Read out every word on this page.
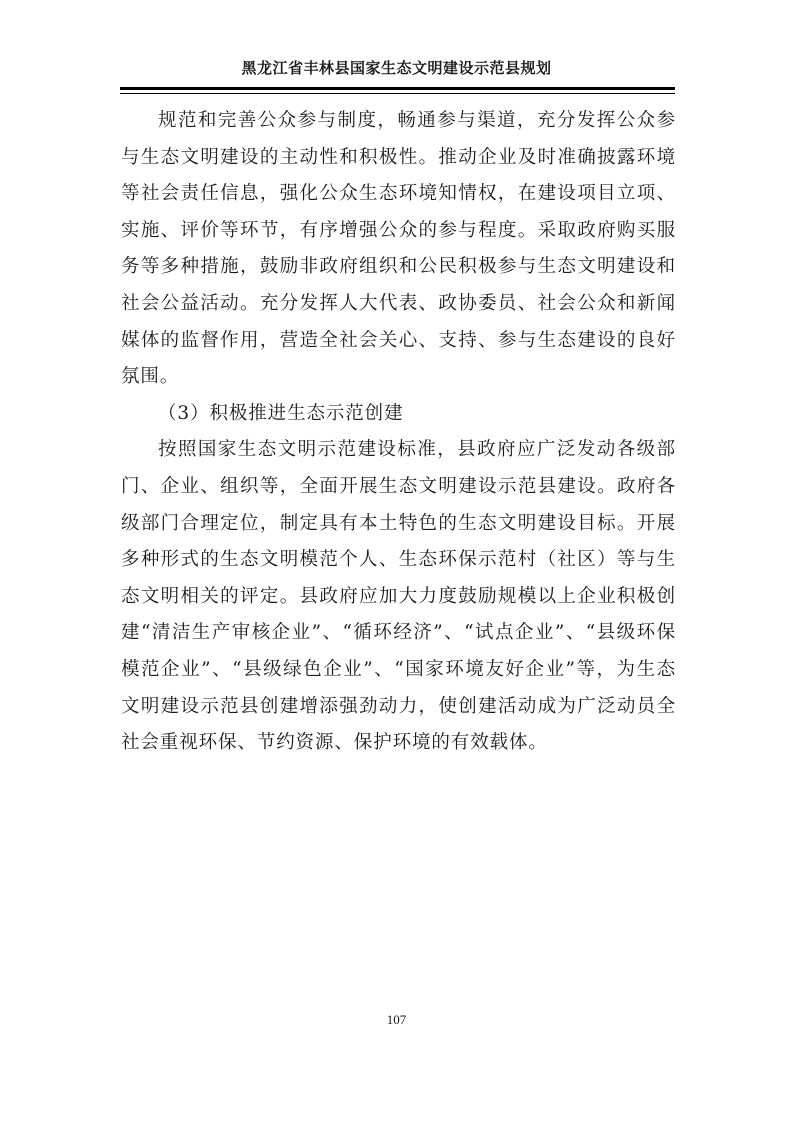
黑龙江省丰林县国家生态文明建设示范县规划

规范和完善公众参与制度，畅通参与渠道，充分发挥公众参与生态文明建设的主动性和积极性。推动企业及时准确披露环境等社会责任信息，强化公众生态环境知情权，在建设项目立项、实施、评价等环节，有序增强公众的参与程度。采取政府购买服务等多种措施，鼓励非政府组织和公民积极参与生态文明建设和社会公益活动。充分发挥人大代表、政协委员、社会公众和新闻媒体的监督作用，营造全社会关心、支持、参与生态建设的良好氛围。

（3）积极推进生态示范创建

按照国家生态文明示范建设标准，县政府应广泛发动各级部门、企业、组织等，全面开展生态文明建设示范县建设。政府各级部门合理定位，制定具有本土特色的生态文明建设目标。开展多种形式的生态文明模范个人、生态环保示范村（社区）等与生态文明相关的评定。县政府应加大力度鼓励规模以上企业积极创建“清洁生产审核企业”、“循环经济”、“试点企业”、“县级环保模范企业”、“县级绿色企业”、“国家环境友好企业”等，为生态文明建设示范县创建增添强劲动力，使创建活动成为广泛动员全社会重视环保、节约资源、保护环境的有效载体。

107
